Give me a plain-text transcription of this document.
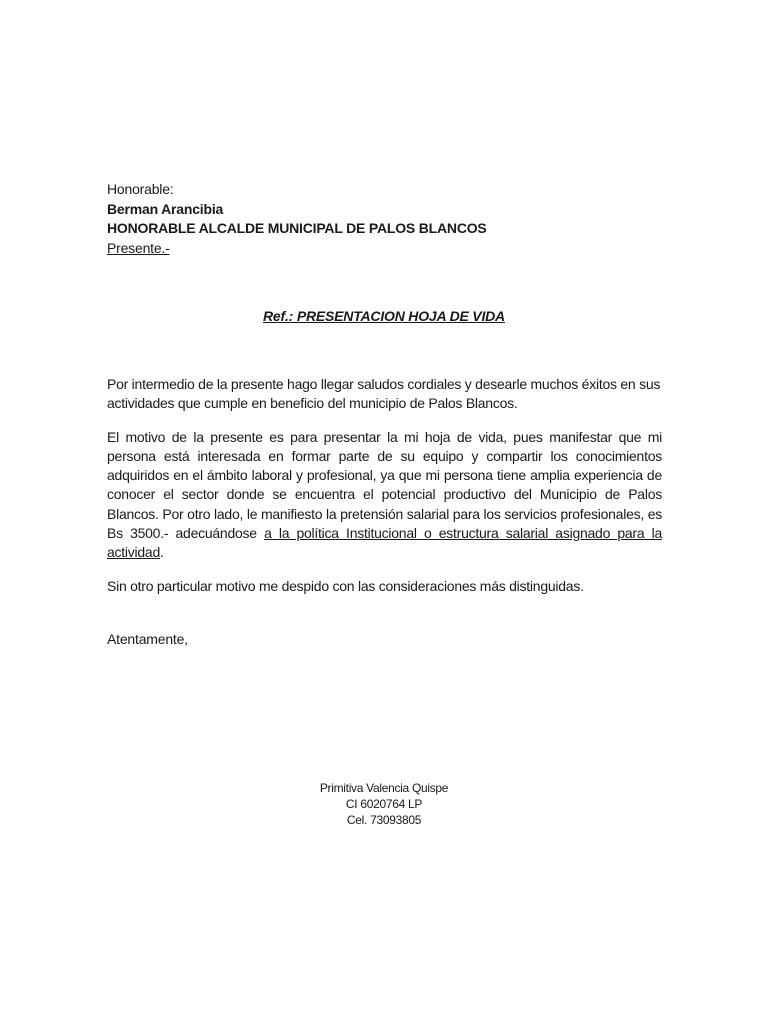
Honorable:
Berman Arancibia
HONORABLE ALCALDE MUNICIPAL DE PALOS BLANCOS
Presente.-
Ref.: PRESENTACION HOJA DE VIDA

Por intermedio de la presente hago llegar saludos cordiales y desearle muchos éxitos en sus actividades que cumple en beneficio del municipio de Palos Blancos.

El motivo de la presente es para presentar la mi hoja de vida, pues manifestar que mi persona está interesada en formar parte de su equipo y compartir los conocimientos adquiridos en el ámbito laboral y profesional, ya que mi persona tiene amplia experiencia de conocer el sector donde se encuentra el potencial productivo del Municipio de Palos Blancos. Por otro lado, le manifiesto la pretensión salarial para los servicios profesionales, es Bs 3500.- adecuándose a la política Institucional o estructura salarial asignado para la actividad.

Sin otro particular motivo me despido con las consideraciones más distinguidas.

Atentamente,
Primitiva Valencia Quispe
CI 6020764 LP
Cel. 73093805
